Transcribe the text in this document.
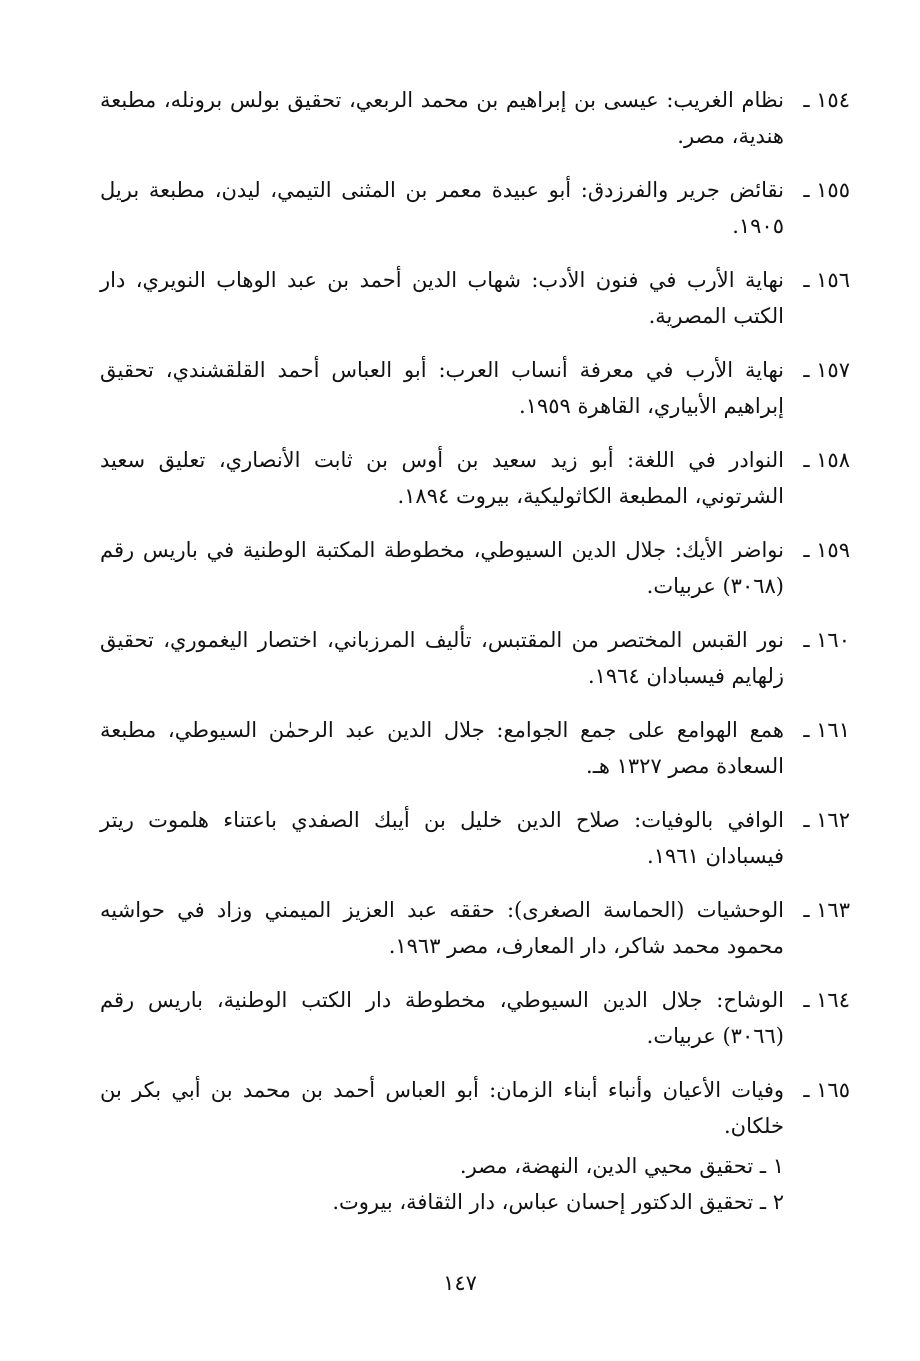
١٥٤ ـ
نظام الغريب: عيسى بن إبراهيم بن محمد الربعي، تحقيق بولس برونله، مطبعة هندية، مصر.
١٥٥ ـ
نقائض جرير والفرزدق: أبو عبيدة معمر بن المثنى التيمي، ليدن، مطبعة بريل ١٩٠٥.
١٥٦ ـ
نهاية الأرب في فنون الأدب: شهاب الدين أحمد بن عبد الوهاب النويري، دار الكتب المصرية.
١٥٧ ـ
نهاية الأرب في معرفة أنساب العرب: أبو العباس أحمد القلقشندي، تحقيق إبراهيم الأبياري، القاهرة ١٩٥٩.
١٥٨ ـ
النوادر في اللغة: أبو زيد سعيد بن أوس بن ثابت الأنصاري، تعليق سعيد الشرتوني، المطبعة الكاثوليكية، بيروت ١٨٩٤.
١٥٩ ـ
نواضر الأيك: جلال الدين السيوطي، مخطوطة المكتبة الوطنية في باريس رقم (٣٠٦٨) عربيات.
١٦٠ ـ
نور القبس المختصر من المقتبس، تأليف المرزباني، اختصار اليغموري، تحقيق زلهايم فيسبادان ١٩٦٤.
١٦١ ـ
همع الهوامع على جمع الجوامع: جلال الدين عبد الرحمٰن السيوطي، مطبعة السعادة مصر ١٣٢٧ هـ.
١٦٢ ـ
الوافي بالوفيات: صلاح الدين خليل بن أيبك الصفدي باعتناء هلموت ريتر فيسبادان ١٩٦١.
١٦٣ ـ
الوحشيات (الحماسة الصغرى): حققه عبد العزيز الميمني وزاد في حواشيه محمود محمد شاكر، دار المعارف، مصر ١٩٦٣.
١٦٤ ـ
الوشاح: جلال الدين السيوطي، مخطوطة دار الكتب الوطنية، باريس رقم (٣٠٦٦) عربيات.
١٦٥ ـ
وفيات الأعيان وأنباء أبناء الزمان: أبو العباس أحمد بن محمد بن أبي بكر بن خلكان.
١ ـ تحقيق محيي الدين، النهضة، مصر.
٢ ـ تحقيق الدكتور إحسان عباس، دار الثقافة، بيروت.
١٤٧
